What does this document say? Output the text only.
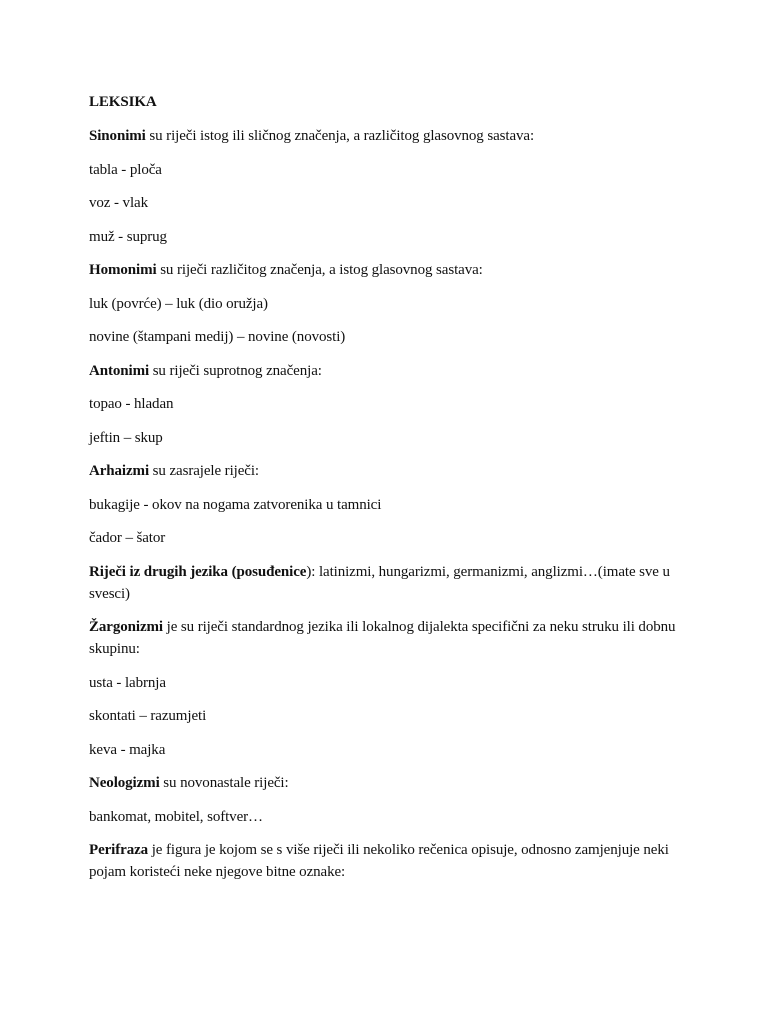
LEKSIKA

Sinonimi su riječi istog ili sličnog značenja, a različitog glasovnog sastava:

tabla - ploča

voz - vlak

muž - suprug

Homonimi su riječi različitog značenja, a istog glasovnog sastava:

luk (povrće) – luk (dio oružja)

novine (štampani medij) – novine (novosti)

Antonimi su riječi suprotnog značenja:

topao - hladan

jeftin – skup

Arhaizmi su zasrajele riječi:

bukagije - okov na nogama zatvorenika u tamnici

čador – šator

Riječi iz drugih jezika (posuđenice): latinizmi, hungarizmi, germanizmi, anglizmi…(imate sve u svesci)

Žargonizmi je su riječi standardnog jezika ili lokalnog dijalekta specifični za neku struku ili dobnu skupinu:

usta - labrnja

skontati – razumjeti

keva - majka

Neologizmi su novonastale riječi:

bankomat, mobitel, softver…

Perifraza je figura je kojom se s više riječi ili nekoliko rečenica opisuje, odnosno zamjenjuje neki pojam koristeći neke njegove bitne oznake:
